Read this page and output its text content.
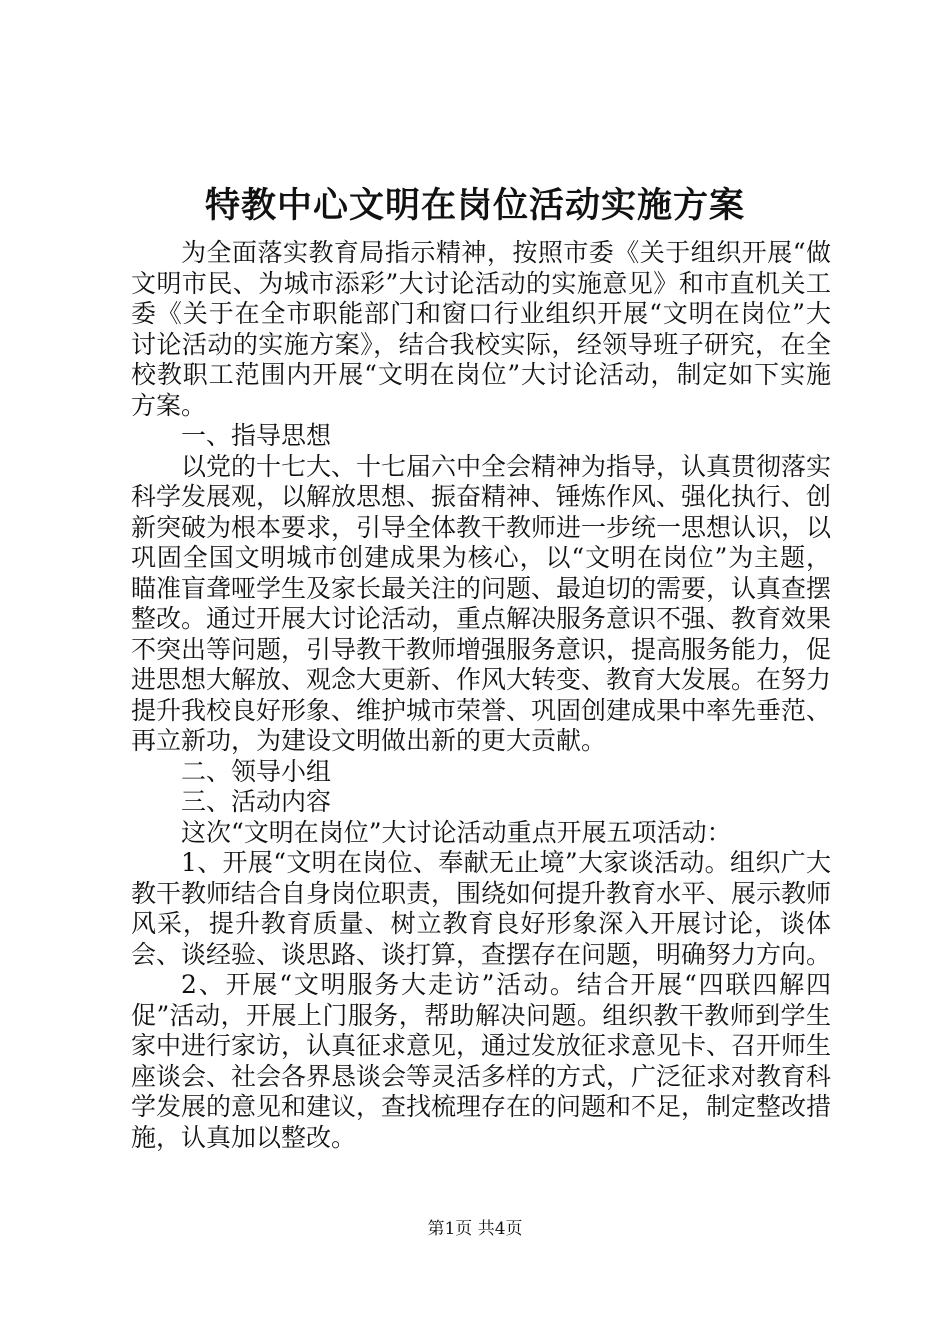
特教中心文明在岗位活动实施方案

为全面落实教育局指示精神，按照市委《关于组织开展“做文明市民、为城市添彩”大讨论活动的实施意见》和市直机关工委《关于在全市职能部门和窗口行业组织开展“文明在岗位”大讨论活动的实施方案》，结合我校实际，经领导班子研究，在全校教职工范围内开展“文明在岗位”大讨论活动，制定如下实施方案。

一、指导思想

以党的十七大、十七届六中全会精神为指导，认真贯彻落实科学发展观，以解放思想、振奋精神、锤炼作风、强化执行、创新突破为根本要求，引导全体教干教师进一步统一思想认识，以巩固全国文明城市创建成果为核心，以“文明在岗位”为主题，瞄准盲聋哑学生及家长最关注的问题、最迫切的需要，认真查摆整改。通过开展大讨论活动，重点解决服务意识不强、教育效果不突出等问题，引导教干教师增强服务意识，提高服务能力，促进思想大解放、观念大更新、作风大转变、教育大发展。在努力提升我校良好形象、维护城市荣誉、巩固创建成果中率先垂范、再立新功，为建设文明做出新的更大贡献。

二、领导小组

三、活动内容

这次“文明在岗位”大讨论活动重点开展五项活动：

1、开展“文明在岗位、奉献无止境”大家谈活动。组织广大教干教师结合自身岗位职责，围绕如何提升教育水平、展示教师风采，提升教育质量、树立教育良好形象深入开展讨论，谈体会、谈经验、谈思路、谈打算，查摆存在问题，明确努力方向。

2、开展“文明服务大走访”活动。结合开展“四联四解四促”活动，开展上门服务，帮助解决问题。组织教干教师到学生家中进行家访，认真征求意见，通过发放征求意见卡、召开师生座谈会、社会各界恳谈会等灵活多样的方式，广泛征求对教育科学发展的意见和建议，查找梳理存在的问题和不足，制定整改措施，认真加以整改。

第1页 共4页
